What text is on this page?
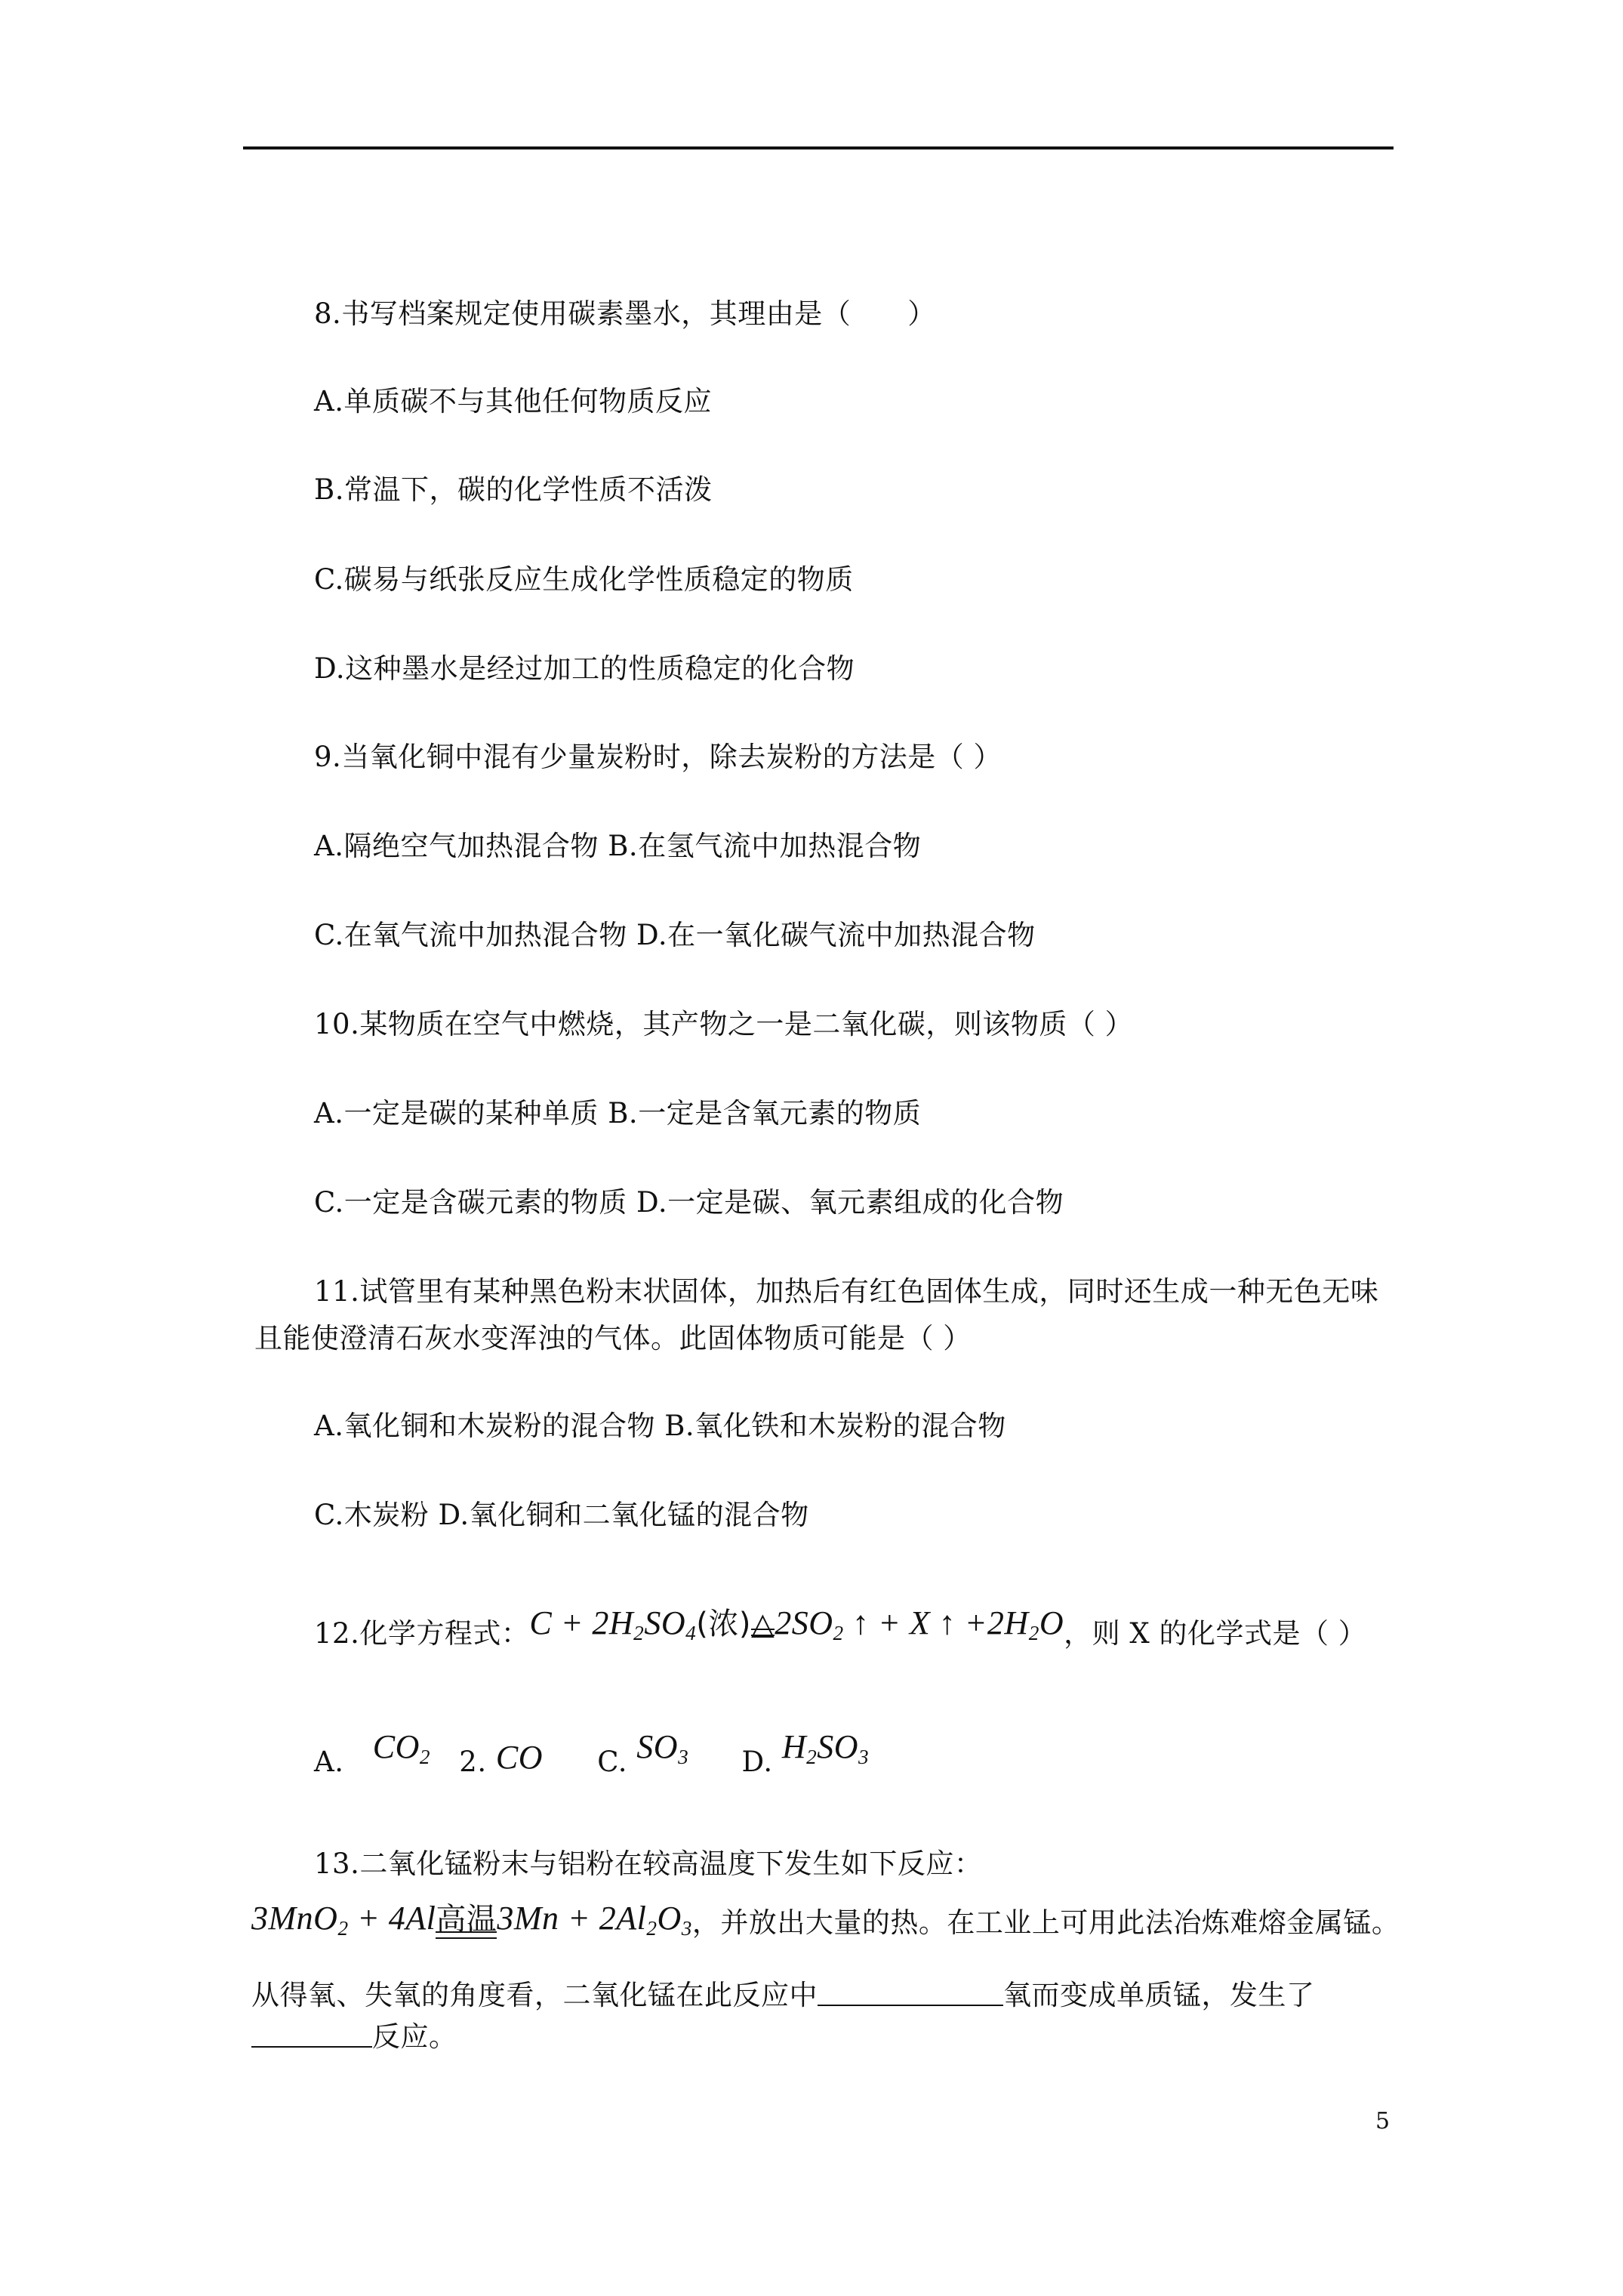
8.书写档案规定使用碳素墨水，其理由是（　　）
A.单质碳不与其他任何物质反应
B.常温下，碳的化学性质不活泼
C.碳易与纸张反应生成化学性质稳定的物质
D.这种墨水是经过加工的性质稳定的化合物
9.当氧化铜中混有少量炭粉时，除去炭粉的方法是（ ）
A.隔绝空气加热混合物 B.在氢气流中加热混合物
C.在氧气流中加热混合物 D.在一氧化碳气流中加热混合物
10.某物质在空气中燃烧，其产物之一是二氧化碳，则该物质（ ）
A.一定是碳的某种单质 B.一定是含氧元素的物质
C.一定是含碳元素的物质 D.一定是碳、氧元素组成的化合物
11.试管里有某种黑色粉末状固体，加热后有红色固体生成，同时还生成一种无色无味
且能使澄清石灰水变浑浊的气体。此固体物质可能是（ ）
A.氧化铜和木炭粉的混合物 B.氧化铁和木炭粉的混合物
C.木炭粉 D.氧化铜和二氧化锰的混合物
12.化学方程式：$C + 2H_2SO_4$(浓)△
$2SO_2$ ↑ + X ↑ $+2H_2O$，则 X 的化学式是（ ）
A. $CO_2$ 2. CO C. $SO_3$ D. $H_2SO_3$
13.二氧化锰粉末与铝粉在较高温度下发生如下反应：
3MnO$_2$ + 4Al高温
$3Mn + 2Al_2O_3$，并放出大量的热。在工业上可用此法冶炼难熔金属锰。
从得氧、失氧的角度看，二氧化锰在此反应中	氧而变成单质锰，发生了
反应。
5
